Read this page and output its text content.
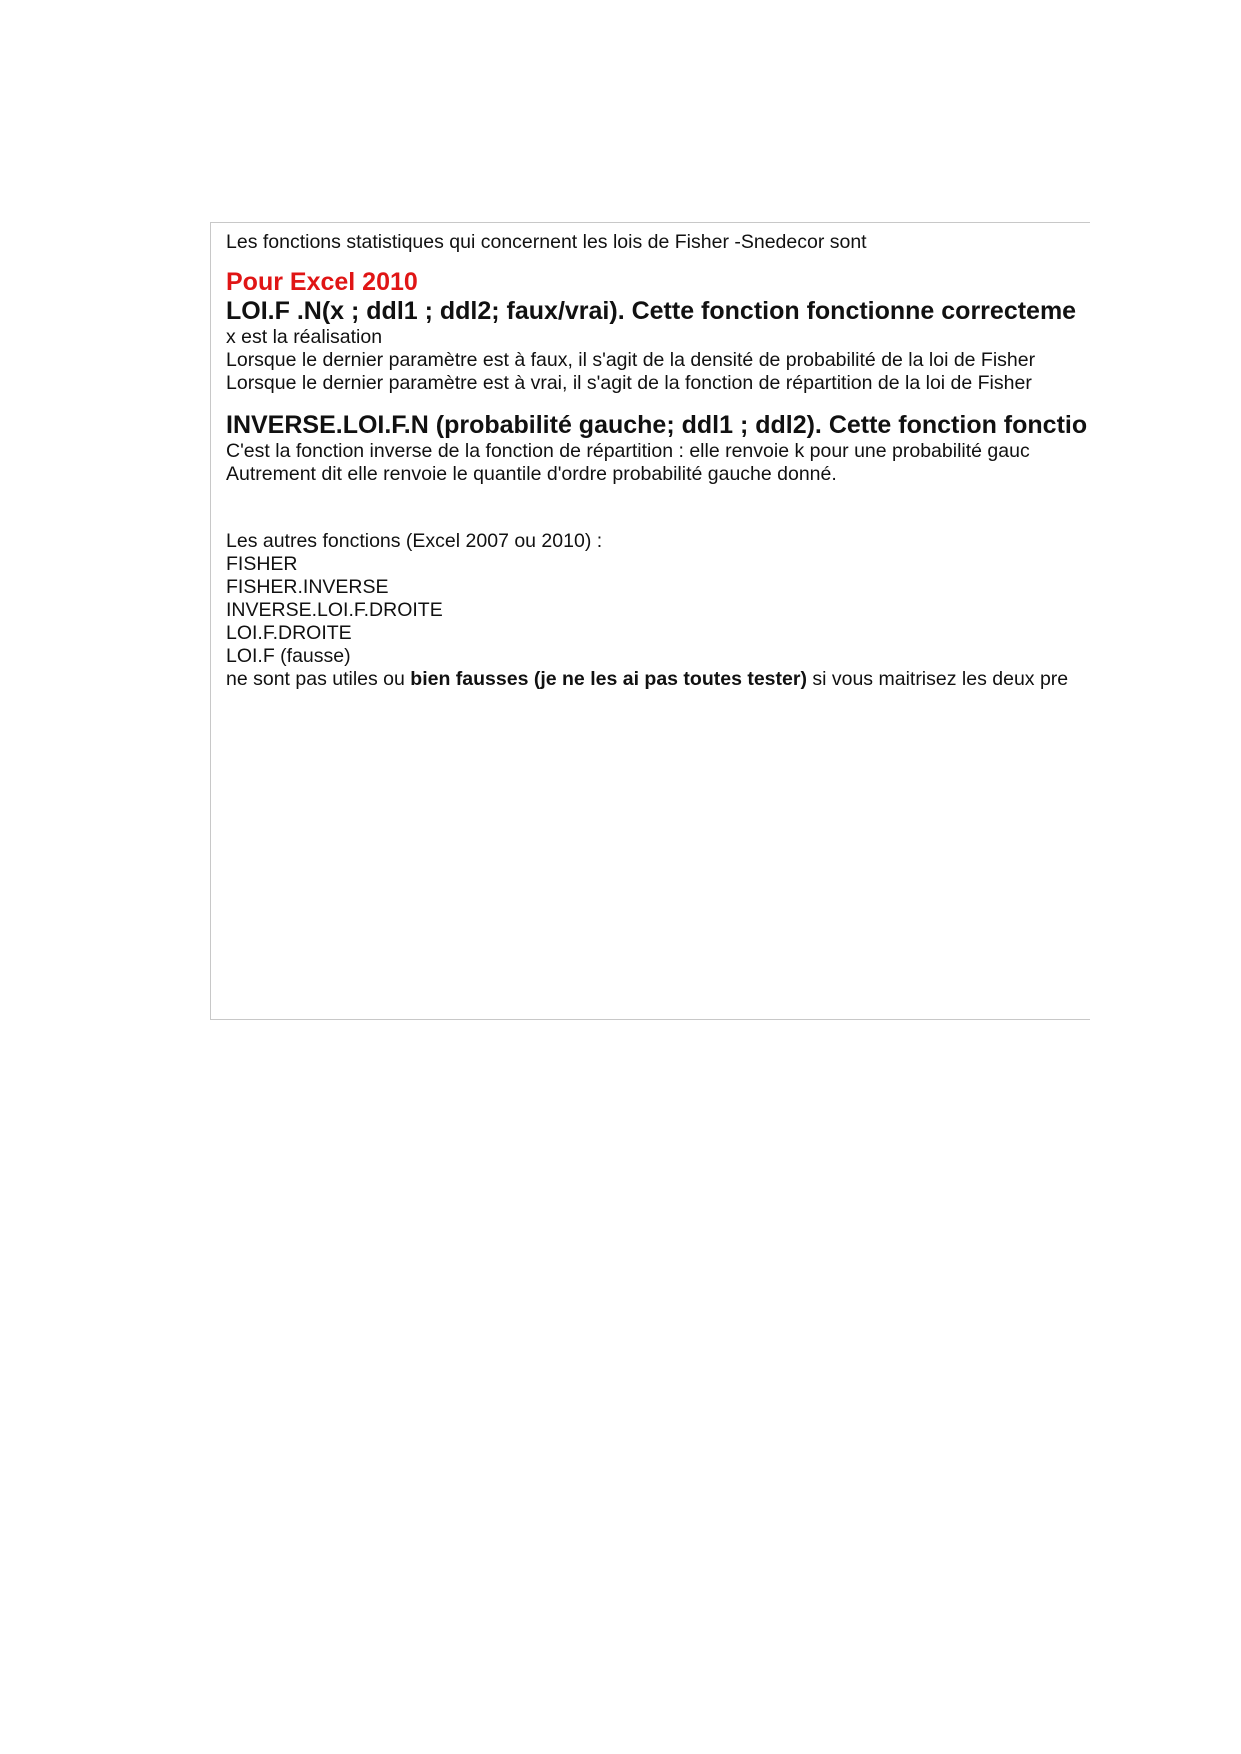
Les fonctions statistiques qui concernent les lois de Fisher -Snedecor sont
Pour Excel 2010
LOI.F .N(x ; ddl1 ; ddl2; faux/vrai). Cette fonction fonctionne correcteme
x est la réalisation
Lorsque le dernier paramètre est à faux, il s'agit de la densité de probabilité de la loi de Fisher
Lorsque le dernier paramètre est à vrai, il s'agit de la fonction de répartition de la loi de Fisher
INVERSE.LOI.F.N (probabilité gauche; ddl1 ; ddl2). Cette fonction fonctio
C'est la fonction inverse de la fonction de répartition : elle renvoie k pour une probabilité gauc
Autrement dit elle renvoie le quantile d'ordre probabilité gauche donné.
Les autres fonctions (Excel 2007 ou 2010) :
FISHER
FISHER.INVERSE
INVERSE.LOI.F.DROITE
LOI.F.DROITE
LOI.F (fausse)
ne sont pas utiles ou bien fausses (je ne les ai pas toutes tester) si vous maitrisez les deux pre
